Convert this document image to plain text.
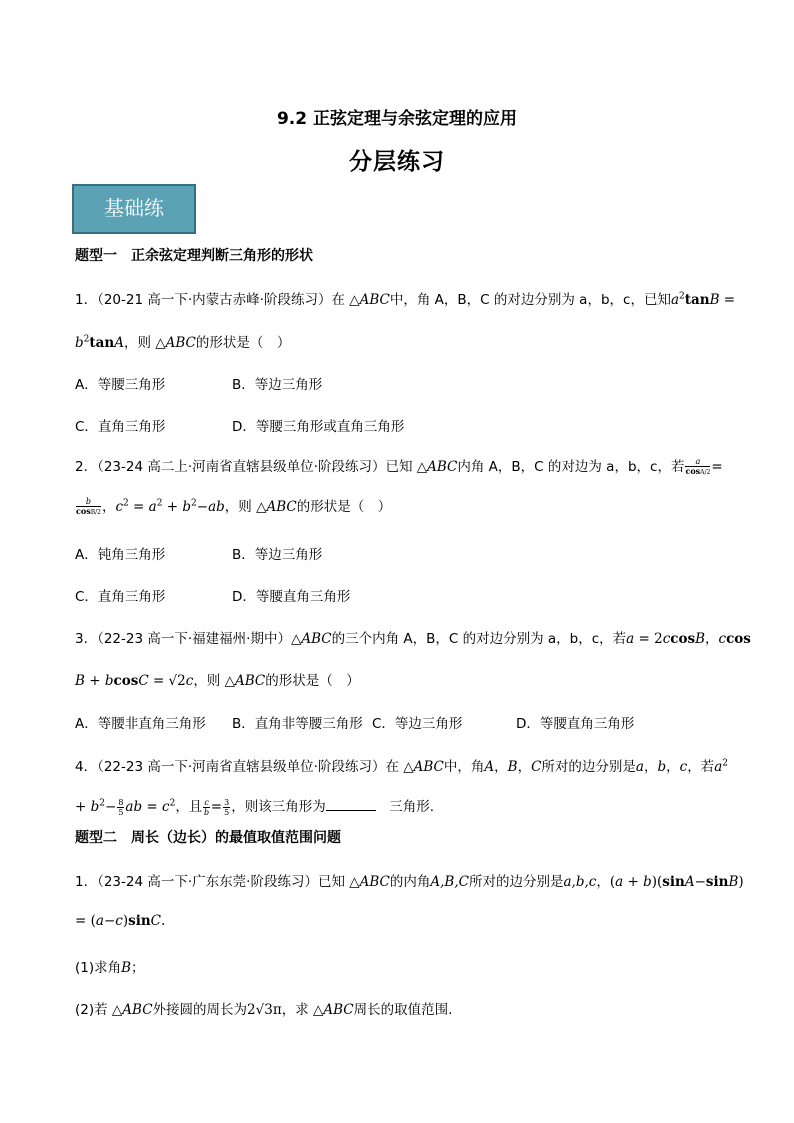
9.2 正弦定理与余弦定理的应用
分层练习
基础练
题型一　正余弦定理判断三角形的形状
1．（20-21 高一下·内蒙古赤峰·阶段练习）在 △ABC中，角 A，B，C 的对边分别为 a，b，c，已知$a^2\tan B$ =
$b^2\tan A$，则 △ABC的形状是（　）
A．等腰三角形	B．等边三角形
C．直角三角形	D．等腰三角形或直角三角形
2．（23-24 高二上·河南省直辖县级单位·阶段练习）已知 △ABC内角 A，B，C 的对边为 a，b，c，若 $\frac{a}{\cos A/2}$ =
$\frac{b}{\cos B/2}$ ，$c^2 = a^2 + b^2-ab$，则 △ABC的形状是（　）
A．钝角三角形	B．等边三角形
C．直角三角形	D．等腰直角三角形
3．（22-23 高一下·福建福州·期中）△ABC的三个内角 A，B，C 的对边分别为 a，b，c，若a = 2ccosB，ccos
B + bcosC = √2c，则 △ABC的形状是（　）
A．等腰非直角三角形 B．直角非等腰三角形 C．等边三角形	D．等腰直角三角形
4．（22-23 高一下·河南省直辖县级单位·阶段练习）在 △ABC中，角A，B，C所对的边分别是a，b，c，若$a^2$
+ $b^2- \frac{8}{5}$ ab = $c^2$，且 $\frac{c}{b} = \frac{3}{5}$ ，则该三角形为　	三角形.
题型二　周长（边长）的最值取值范围问题
1．（23-24 高一下·广东东莞·阶段练习）已知 △ABC的内角A,B,C所对的边分别是a,b,c，(a + b)(sinA−sinB)
= (a−c)sinC.
(1)求角B；
(2)若 △ABC外接圆的周长为2√3π，求 △ABC周长的取值范围.
